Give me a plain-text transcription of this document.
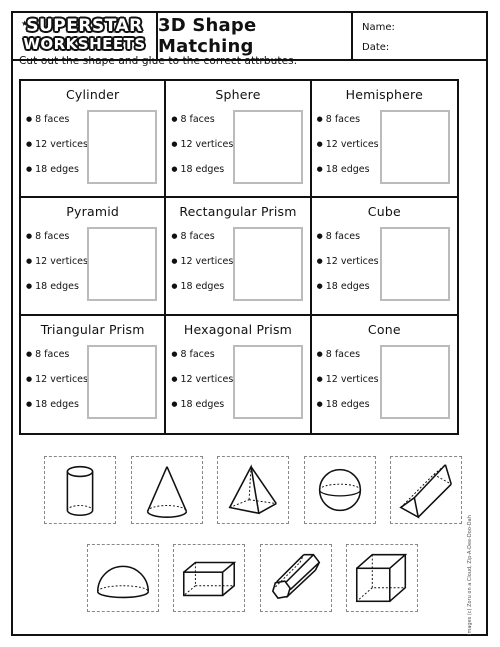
★
SUPERSTAR
WORKSHEETS
3D Shape Matching
Name:
Date:
Cut out the shape and glue to the correct attrbutes.
Cylinder
● 8 faces
● 12 vertices
● 18 edges
Sphere
● 8 faces
● 12 vertices
● 18 edges
Hemisphere
● 8 faces
● 12 vertices
● 18 edges
Pyramid
● 8 faces
● 12 vertices
● 18 edges
Rectangular Prism
● 8 faces
● 12 vertices
● 18 edges
Cube
● 8 faces
● 12 vertices
● 18 edges
Triangular Prism
● 8 faces
● 12 vertices
● 18 edges
Hexagonal Prism
● 8 faces
● 12 vertices
● 18 edges
Cone
● 8 faces
● 12 vertices
● 18 edges
Images (c) Zoru on a Cloud, Zip-A-Dee-Doo-Dah
